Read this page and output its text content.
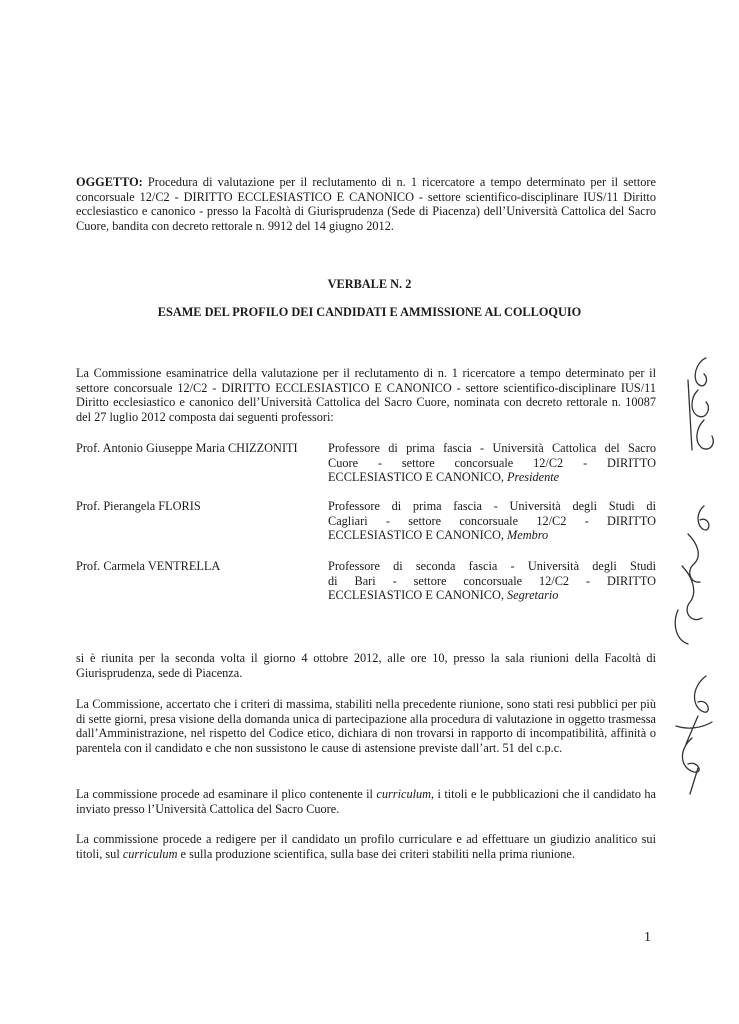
OGGETTO: Procedura di valutazione per il reclutamento di n. 1 ricercatore a tempo determinato per il settore concorsuale 12/C2 - DIRITTO ECCLESIASTICO E CANONICO - settore scientifico-disciplinare IUS/11 Diritto ecclesiastico e canonico - presso la Facoltà di Giurisprudenza (Sede di Piacenza) dell’Università Cattolica del Sacro Cuore, bandita con decreto rettorale n. 9912 del 14 giugno 2012.
VERBALE N. 2
ESAME DEL PROFILO DEI CANDIDATI E AMMISSIONE AL COLLOQUIO
La Commissione esaminatrice della valutazione per il reclutamento di n. 1 ricercatore a tempo determinato per il settore concorsuale 12/C2 - DIRITTO ECCLESIASTICO E CANONICO - settore scientifico-disciplinare IUS/11 Diritto ecclesiastico e canonico dell’Università Cattolica del Sacro Cuore, nominata con decreto rettorale n. 10087 del 27 luglio 2012 composta dai seguenti professori:
Prof. Antonio Giuseppe Maria CHIZZONITI	Professore di prima fascia - Università Cattolica del Sacro
Cuore - settore concorsuale 12/C2 - DIRITTO
ECCLESIASTICO E CANONICO, Presidente
Prof. Pierangela FLORIS	Professore di prima fascia - Università degli Studi di
Cagliari - settore concorsuale 12/C2 - DIRITTO
ECCLESIASTICO E CANONICO, Membro
Prof. Carmela VENTRELLA	Professore di seconda fascia - Università degli Studi
di Bari - settore concorsuale 12/C2 - DIRITTO
ECCLESIASTICO E CANONICO, Segretario
si è riunita per la seconda volta il giorno 4 ottobre 2012, alle ore 10, presso la sala riunioni della Facoltà di Giurisprudenza, sede di Piacenza.
La Commissione, accertato che i criteri di massima, stabiliti nella precedente riunione, sono stati resi pubblici per più di sette giorni, presa visione della domanda unica di partecipazione alla procedura di valutazione in oggetto trasmessa dall’Amministrazione, nel rispetto del Codice etico, dichiara di non trovarsi in rapporto di incompatibilità, affinità o parentela con il candidato e che non sussistono le cause di astensione previste dall’art. 51 del c.p.c.
La commissione procede ad esaminare il plico contenente il curriculum, i titoli e le pubblicazioni che il candidato ha inviato presso l’Università Cattolica del Sacro Cuore.
La commissione procede a redigere per il candidato un profilo curriculare e ad effettuare un giudizio analitico sui titoli, sul curriculum e sulla produzione scientifica, sulla base dei criteri stabiliti nella prima riunione.
1
